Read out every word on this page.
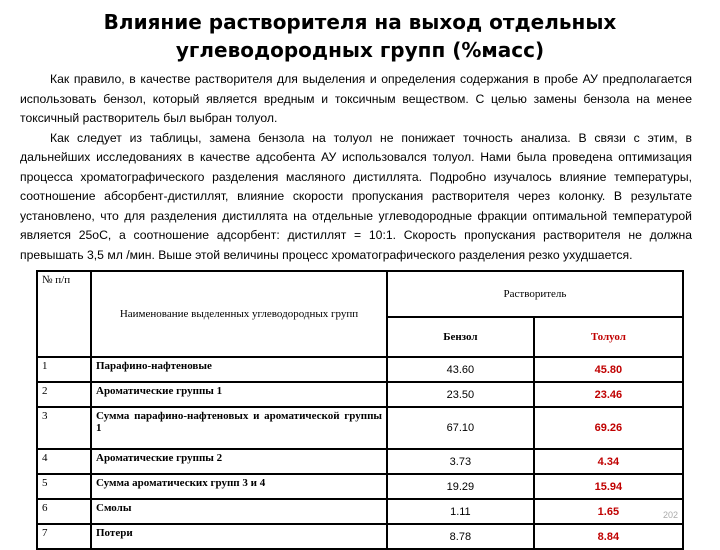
Влияние растворителя на выход отдельных углеводородных групп (%масс)

Как правило, в качестве растворителя для выделения и определения содержания в пробе АУ предполагается использовать бензол, который является вредным и токсичным веществом. С целью замены бензола на менее токсичный растворитель был выбран толуол.

Как следует из таблицы, замена бензола на толуол не понижает точность анализа. В связи с этим, в дальнейших исследованиях в качестве адсобента АУ использовался толуол. Нами была проведена оптимизация процесса хроматографического разделения масляного дистиллята. Подробно изучалось влияние температуры, соотношение абсорбент-дистиллят, влияние скорости пропускания растворителя через колонку. В результате установлено, что для разделения дистиллята на отдельные углеводородные фракции оптимальной температурой является 25оС, а соотношение адсорбент: дистиллят = 10:1. Скорость пропускания растворителя не должна превышать 3,5 мл /мин. Выше этой величины процесс хроматографического разделения резко ухудшается.

№ п/п	Наименование выделенных углеводородных групп	Растворитель	
		Бензол	Толуол
1	Парафино-нафтеновые	43.60	45.80
2	Ароматические группы 1	23.50	23.46
3	Сумма парафино-нафтеновых и ароматической группы 1	67.10	69.26
4	Ароматические группы 2	3.73	4.34
5	Сумма ароматических групп 3 и 4	19.29	15.94
6	Смолы	1.11	1.65
7	Потери	8.78	8.84
202
